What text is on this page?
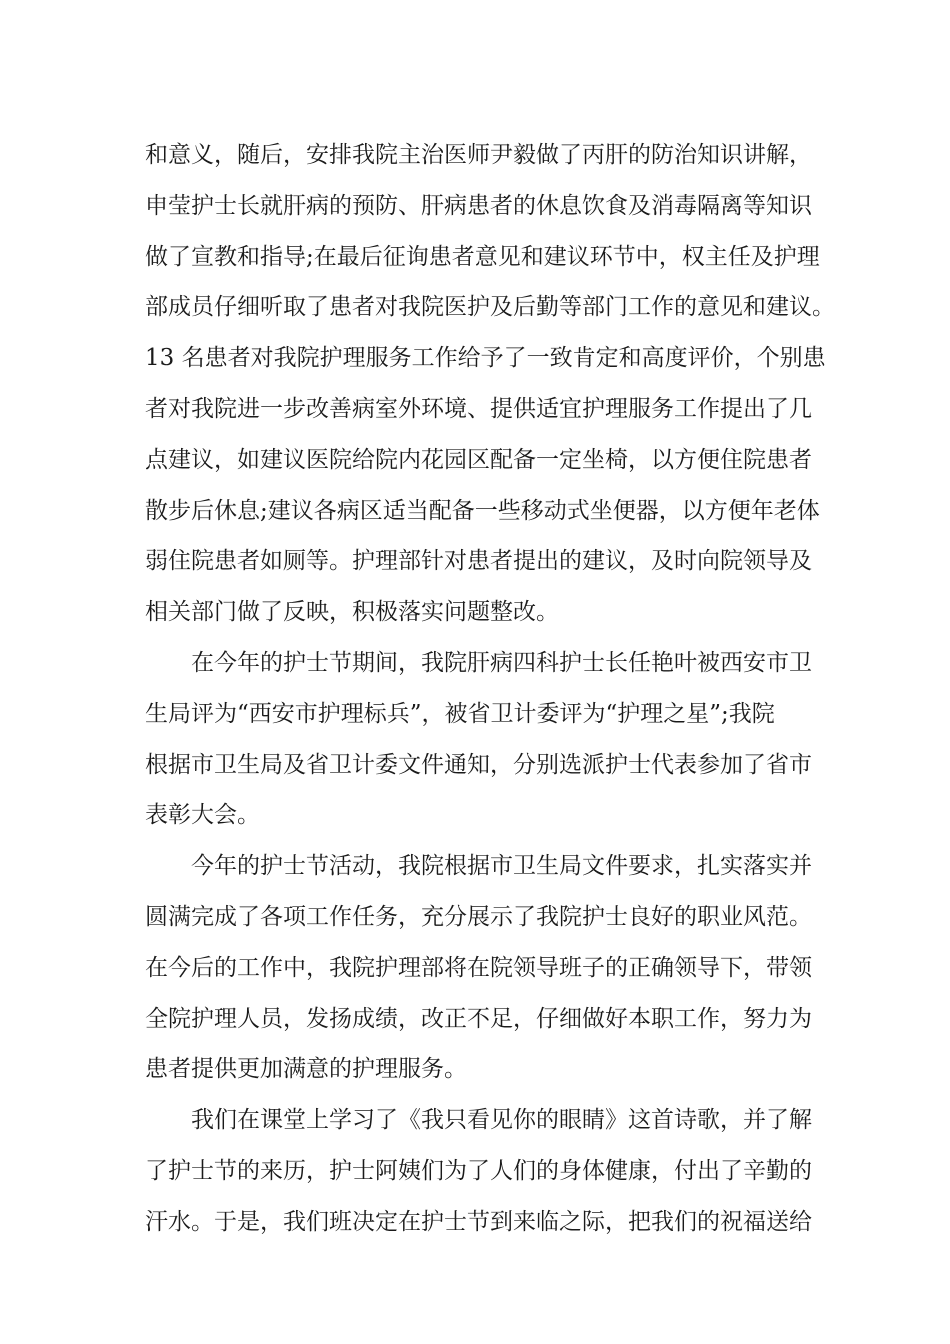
和意义，随后，安排我院主治医师尹毅做了丙肝的防治知识讲解，
申莹护士长就肝病的预防、肝病患者的休息饮食及消毒隔离等知识
做了宣教和指导;在最后征询患者意见和建议环节中，权主任及护理
部成员仔细听取了患者对我院医护及后勤等部门工作的意见和建议。
13 名患者对我院护理服务工作给予了一致肯定和高度评价，个别患
者对我院进一步改善病室外环境、提供适宜护理服务工作提出了几
点建议，如建议医院给院内花园区配备一定坐椅，以方便住院患者
散步后休息;建议各病区适当配备一些移动式坐便器，以方便年老体
弱住院患者如厕等。护理部针对患者提出的建议，及时向院领导及
相关部门做了反映，积极落实问题整改。
在今年的护士节期间，我院肝病四科护士长任艳叶被西安市卫
生局评为“西安市护理标兵”，被省卫计委评为“护理之星”;我院
根据市卫生局及省卫计委文件通知，分别选派护士代表参加了省市
表彰大会。
今年的护士节活动，我院根据市卫生局文件要求，扎实落实并
圆满完成了各项工作任务，充分展示了我院护士良好的职业风范。
在今后的工作中，我院护理部将在院领导班子的正确领导下，带领
全院护理人员，发扬成绩，改正不足，仔细做好本职工作，努力为
患者提供更加满意的护理服务。
我们在课堂上学习了《我只看见你的眼睛》这首诗歌，并了解
了护士节的来历，护士阿姨们为了人们的身体健康，付出了辛勤的
汗水。于是，我们班决定在护士节到来临之际，把我们的祝福送给
